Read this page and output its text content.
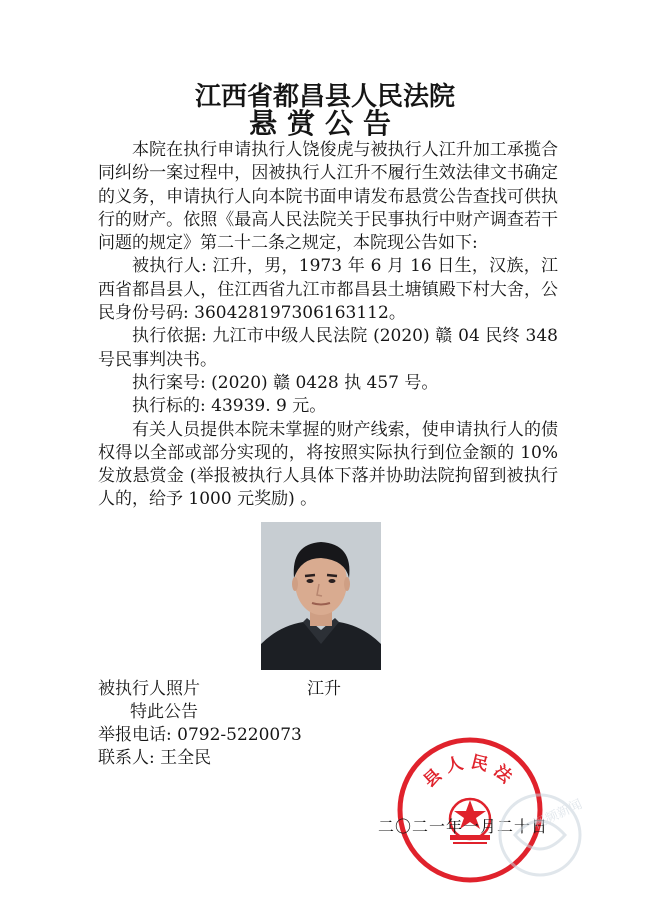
江西省都昌县人民法院
悬赏公告

本院在执行申请执行人饶俊虎与被执行人江升加工承揽合同纠纷一案过程中，因被执行人江升不履行生效法律文书确定的义务，申请执行人向本院书面申请发布悬赏公告查找可供执行的财产。依照《最高人民法院关于民事执行中财产调查若干问题的规定》第二十二条之规定，本院现公告如下:

被执行人: 江升，男，1973 年 6 月 16 日生，汉族，江西省都昌县人，住江西省九江市都昌县土塘镇殿下村大舍，公民身份号码: 360428197306163112。

执行依据: 九江市中级人民法院 (2020) 赣 04 民终 348 号民事判决书。

执行案号: (2020) 赣 0428 执 457 号。

执行标的: 43939. 9 元。

有关人员提供本院未掌握的财产线索，使申请执行人的债权得以全部或部分实现的，将按照实际执行到位金额的 10%发放悬赏金 (举报被执行人具体下落并协助法院拘留到被执行人的，给予 1000 元奖励) 。

被执行人照片	江升
特此公告
举报电话: 0792-5220073
联系人: 王全民
县人民法
二〇二一年一月二十日
视频新闻
